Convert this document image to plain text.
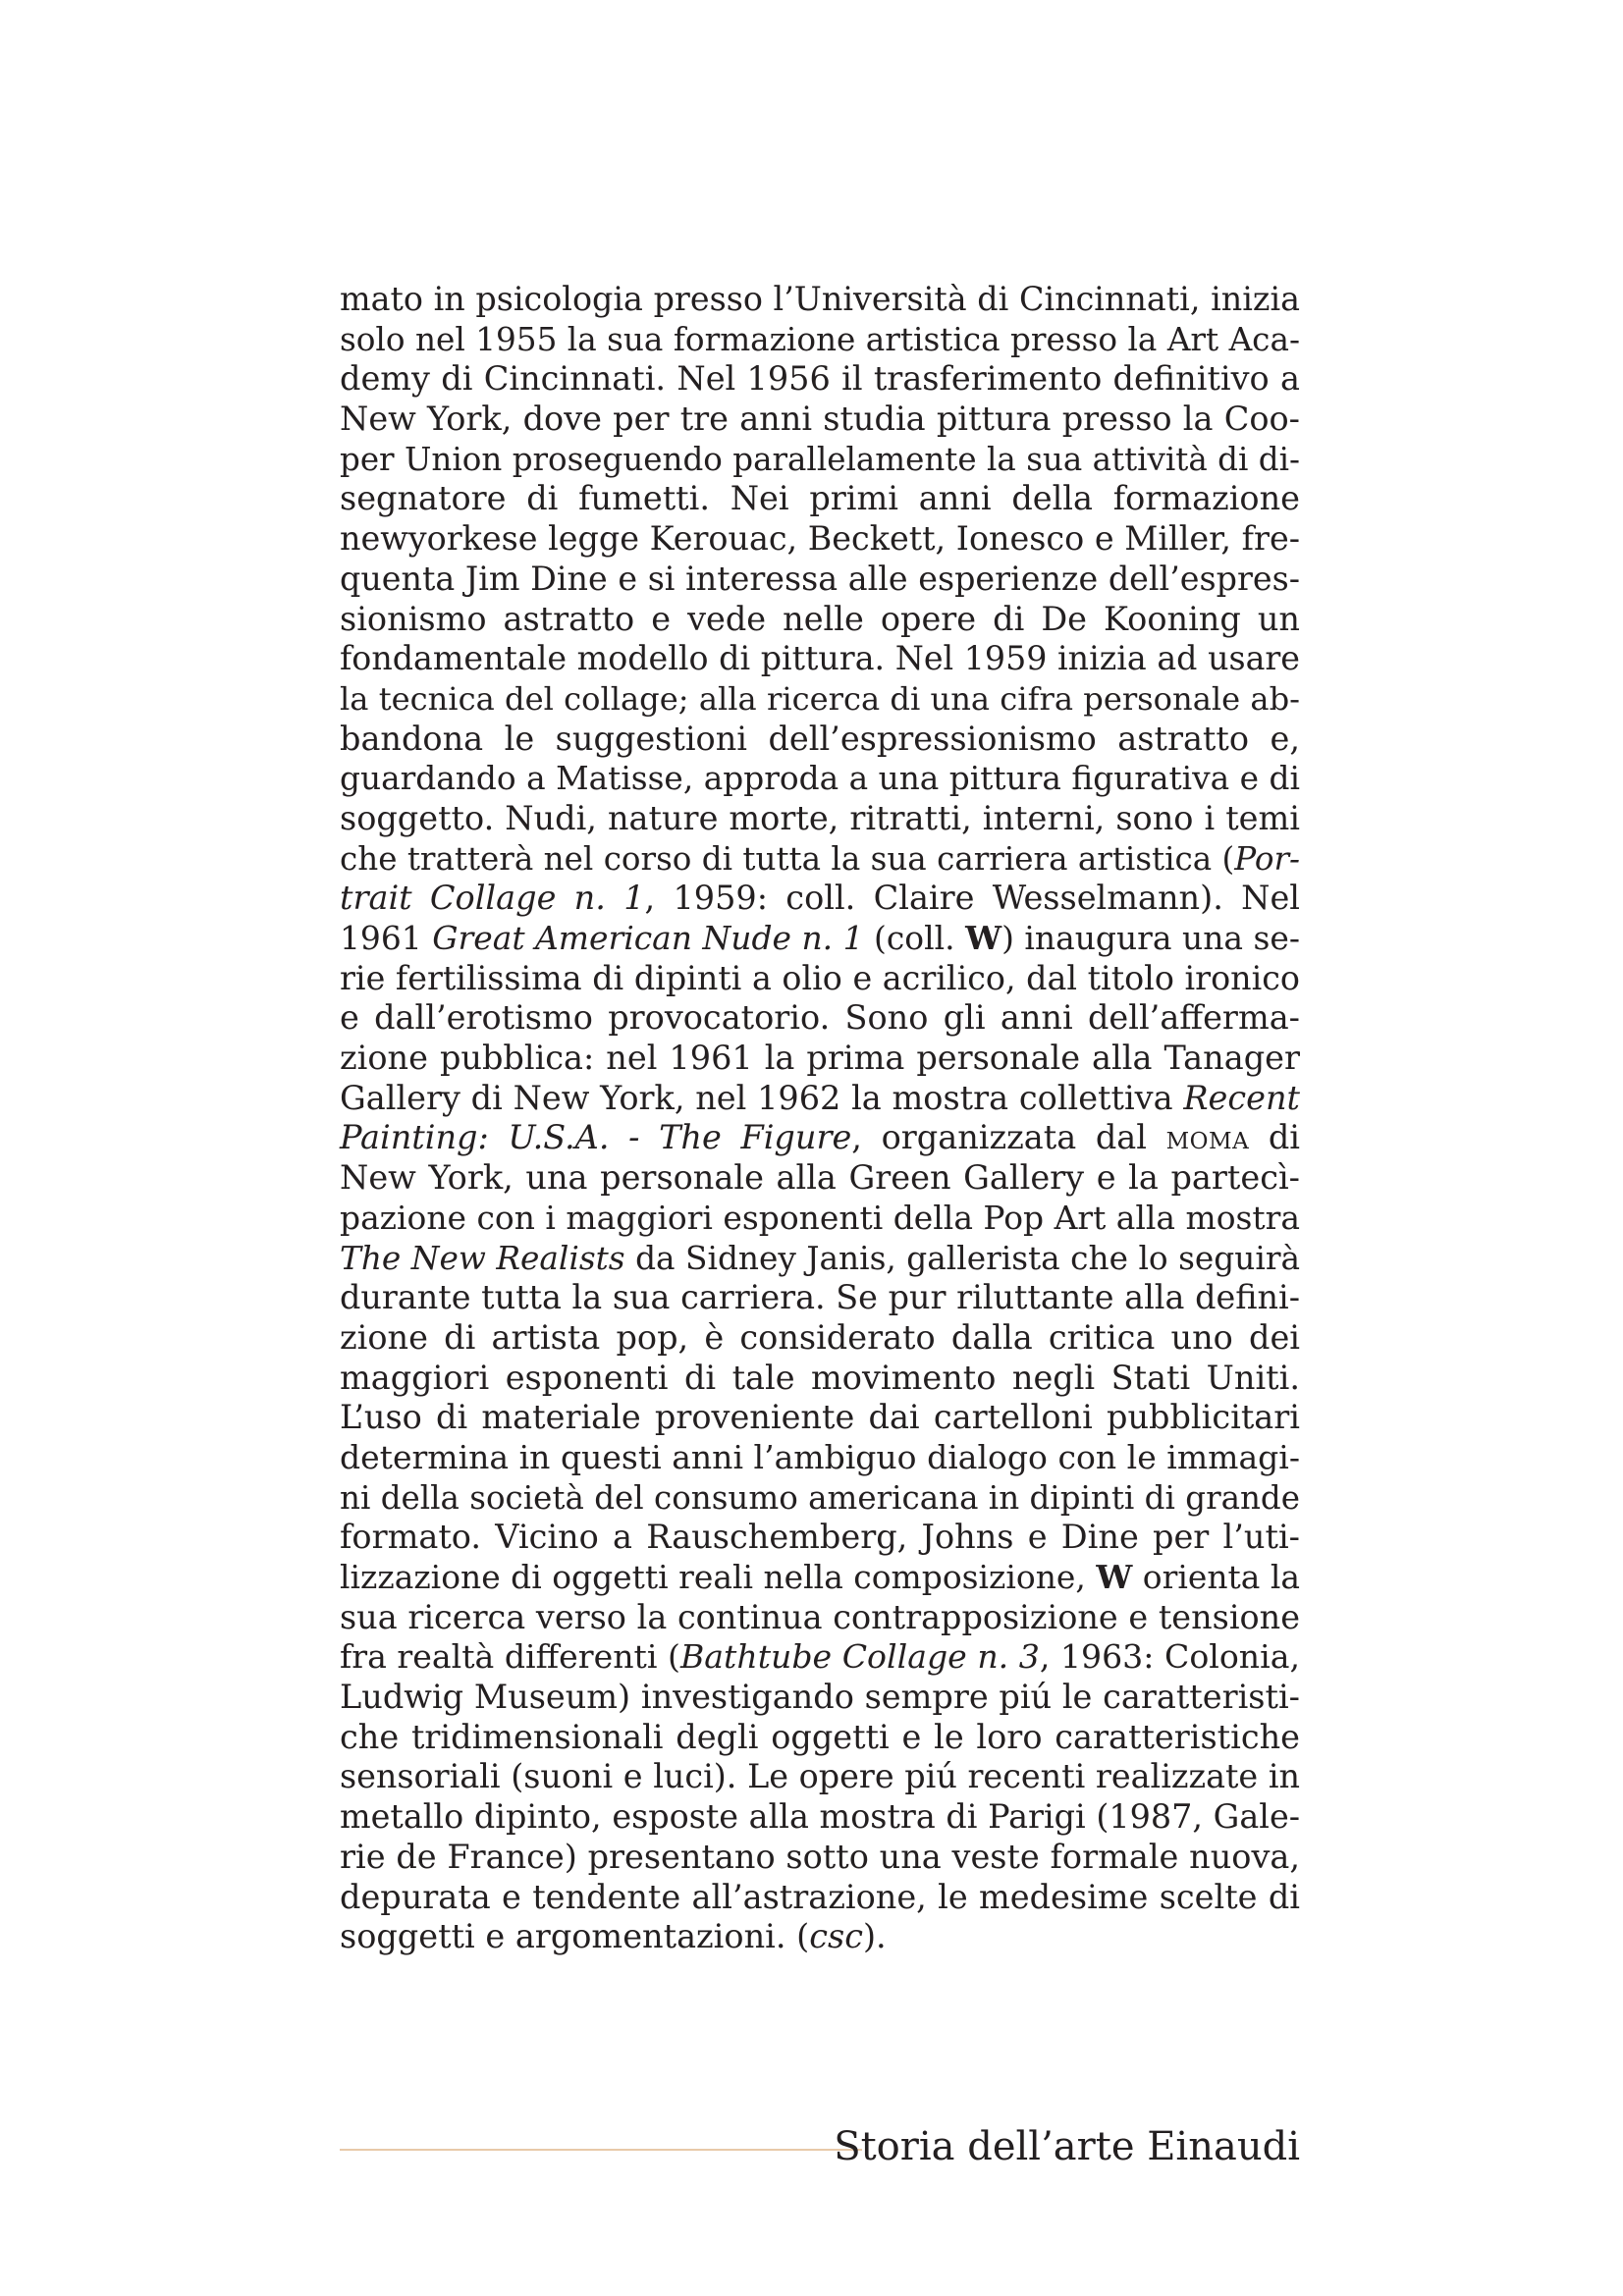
mato in psicologia presso l’Università di Cincinnati, inizia
solo nel 1955 la sua formazione artistica presso la Art Aca-
demy di Cincinnati. Nel 1956 il trasferimento definitivo a
New York, dove per tre anni studia pittura presso la Coo-
per Union proseguendo parallelamente la sua attività di di-
segnatore di fumetti. Nei primi anni della formazione
newyorkese legge Kerouac, Beckett, Ionesco e Miller, fre-
quenta Jim Dine e si interessa alle esperienze dell’espres-
sionismo astratto e vede nelle opere di De Kooning un
fondamentale modello di pittura. Nel 1959 inizia ad usare
la tecnica del collage; alla ricerca di una cifra personale ab-
bandona le suggestioni dell’espressionismo astratto e,
guardando a Matisse, approda a una pittura figurativa e di
soggetto. Nudi, nature morte, ritratti, interni, sono i temi
che tratterà nel corso di tutta la sua carriera artistica (Por-
trait Collage n. 1, 1959: coll. Claire Wesselmann). Nel
1961 Great American Nude n. 1 (coll. W) inaugura una se-
rie fertilissima di dipinti a olio e acrilico, dal titolo ironico
e dall’erotismo provocatorio. Sono gli anni dell’afferma-
zione pubblica: nel 1961 la prima personale alla Tanager
Gallery di New York, nel 1962 la mostra collettiva Recent
Painting: U.S.A. - The Figure, organizzata dal moma di
New York, una personale alla Green Gallery e la partecì-
pazione con i maggiori esponenti della Pop Art alla mostra
The New Realists da Sidney Janis, gallerista che lo seguirà
durante tutta la sua carriera. Se pur riluttante alla defini-
zione di artista pop, è considerato dalla critica uno dei
maggiori esponenti di tale movimento negli Stati Uniti.
L’uso di materiale proveniente dai cartelloni pubblicitari
determina in questi anni l’ambiguo dialogo con le immagi-
ni della società del consumo americana in dipinti di grande
formato. Vicino a Rauschemberg, Johns e Dine per l’uti-
lizzazione di oggetti reali nella composizione, W orienta la
sua ricerca verso la continua contrapposizione e tensione
fra realtà differenti (Bathtube Collage n. 3, 1963: Colonia,
Ludwig Museum) investigando sempre piú le caratteristi-
che tridimensionali degli oggetti e le loro caratteristiche
sensoriali (suoni e luci). Le opere piú recenti realizzate in
metallo dipinto, esposte alla mostra di Parigi (1987, Gale-
rie de France) presentano sotto una veste formale nuova,
depurata e tendente all’astrazione, le medesime scelte di
soggetti e argomentazioni. (csc).
Storia dell’arte Einaudi
